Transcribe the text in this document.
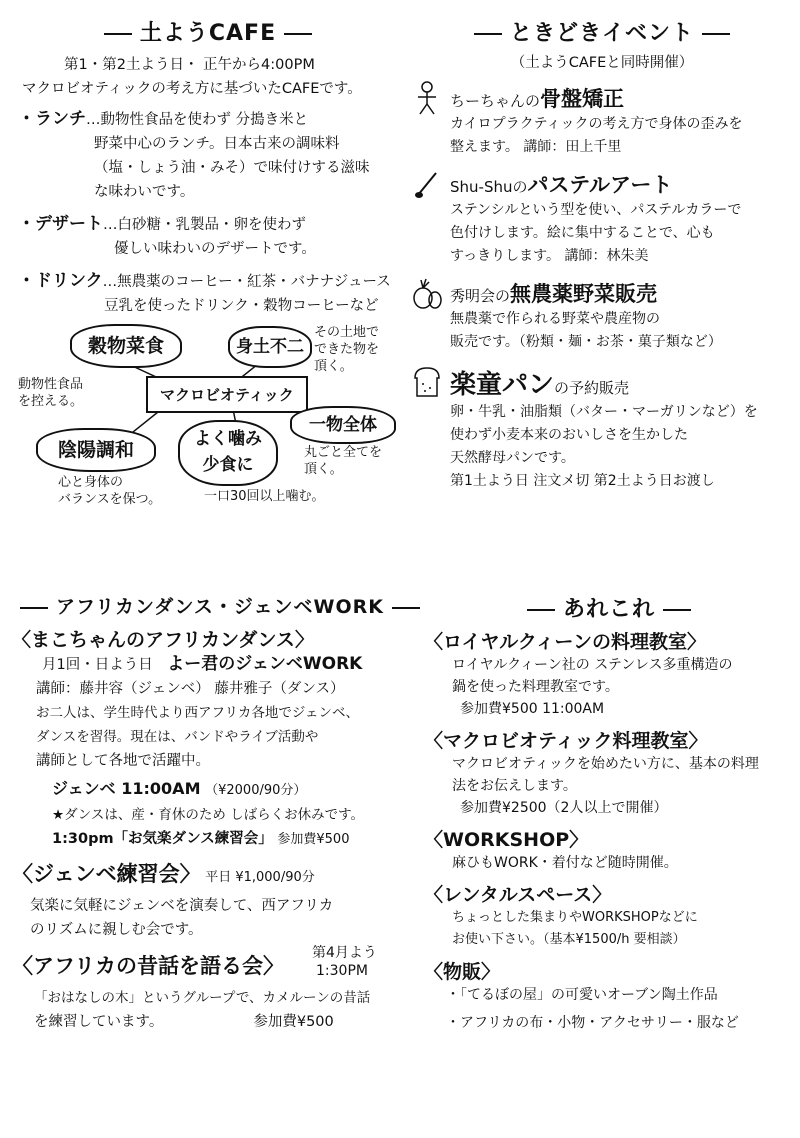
土ようCAFE
第1・第2土よう日・ 正午から4:00PM
マクロビオティックの考え方に基づいたCAFEです。
・ランチ…動物性食品を使わず 分搗き米と
野菜中心のランチ。日本古来の調味料
（塩・しょう油・みそ）で味付けする滋味
な味わいです。
・デザート…白砂糖・乳製品・卵を使わず
優しい味わいのデザートです。
・ドリンク…無農薬のコーヒー・紅茶・バナナジュース
豆乳を使ったドリンク・穀物コーヒーなど
穀物菜食	身土不二
その土地で
できた物を
頂く。
動物性食品
を控える。	マクロビオティック
一物全体
丸ごと全てを
頂く。
陰陽調和
心と身体の
バランスを保つ。
よく噛み
少食に
一口30回以上噛む。
ときどきイベント
（土ようCAFEと同時開催）
ちーちゃんの骨盤矯正
カイロプラクティックの考え方で身体の歪みを
整えます。 講師：田上千里
Shu-Shuのパステルアート
ステンシルという型を使い、パステルカラーで
色付けします。絵に集中することで、心も
すっきりします。 講師：林朱美
秀明会の無農薬野菜販売
無農薬で作られる野菜や農産物の
販売です。（粉類・麺・お茶・菓子類など）
楽童パンの予約販売
卵・牛乳・油脂類（バター・マーガリンなど）を
使わず小麦本来のおいしさを生かした
天然酵母パンです。
第1土よう日 注文メ切 第2土よう日お渡し
アフリカンダンス・ジェンベWORK
〈 まこちゃんのアフリカンダンス 〉
月1回・日よう日　 よー君のジェンベWORK
講師：藤井容（ジェンベ） 藤井雅子（ダンス）
お二人は、学生時代より西アフリカ各地でジェンベ、
ダンスを習得。現在は、バンドやライブ活動や
講師として各地で活躍中。
ジェンベ 11:00AM （¥2000/90分）
★ダンスは、産・育休のため しばらくお休みです。
1:30pm「お気楽ダンス練習会」 参加費¥500
〈 ジェンベ練習会 〉 平日 ¥1,000/90分
気楽に気軽にジェンベを演奏して、西アフリカ
のリズムに親しむ会です。
〈 アフリカの昔話を語る会 〉
第4月よう
1:30PM
「おはなしの木」というグループで、カメルーンの昔話
を練習しています。	参加費¥500
あれこれ
〈 ロイヤルクィーンの料理教室 〉
ロイヤルクィーン社の ステンレス多重構造の
鍋を使った料理教室です。
参加費¥500 11:00AM
〈 マクロビオティック料理教室 〉
マクロビオティックを始めたい方に、基本の料理
法をお伝えします。
参加費¥2500（2人以上で開催）
〈 WORKSHOP 〉
麻ひもWORK・着付など随時開催。
〈 レンタルスペース 〉
ちょっとした集まりやWORKSHOPなどに
お使い下さい。（基本¥1500/h 要相談）
〈 物販 〉
・「てるぼの屋」の可愛いオーブン陶土作品
・アフリカの布・小物・アクセサリー・服など
